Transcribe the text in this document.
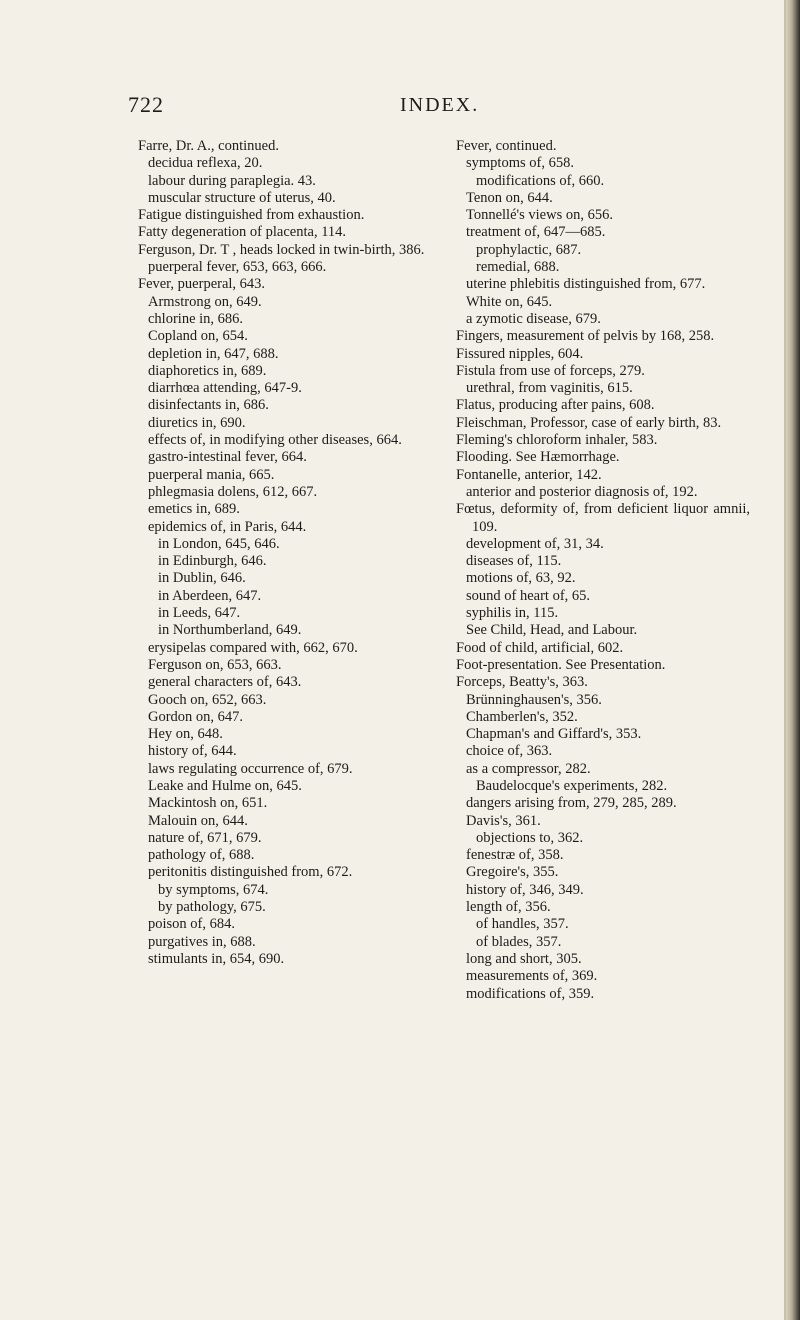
722	INDEX.

Farre, Dr. A., continued.

decidua reflexa, 20.

labour during paraplegia. 43.

muscular structure of uterus, 40.

Fatigue distinguished from exhaustion.

Fatty degeneration of placenta, 114.

Ferguson, Dr. T , heads locked in twin-birth, 386.

puerperal fever, 653, 663, 666.

Fever, puerperal, 643.

Armstrong on, 649.

chlorine in, 686.

Copland on, 654.

depletion in, 647, 688.

diaphoretics in, 689.

diarrhœa attending, 647-9.

disinfectants in, 686.

diuretics in, 690.

effects of, in modifying other diseases, 664.

gastro-intestinal fever, 664.

puerperal mania, 665.

phlegmasia dolens, 612, 667.

emetics in, 689.

epidemics of, in Paris, 644.

in London, 645, 646.

in Edinburgh, 646.

in Dublin, 646.

in Aberdeen, 647.

in Leeds, 647.

in Northumberland, 649.

erysipelas compared with, 662, 670.

Ferguson on, 653, 663.

general characters of, 643.

Gooch on, 652, 663.

Gordon on, 647.

Hey on, 648.

history of, 644.

laws regulating occurrence of, 679.

Leake and Hulme on, 645.

Mackintosh on, 651.

Malouin on, 644.

nature of, 671, 679.

pathology of, 688.

peritonitis distinguished from, 672.

by symptoms, 674.

by pathology, 675.

poison of, 684.

purgatives in, 688.

stimulants in, 654, 690.

Fever, continued.

symptoms of, 658.

modifications of, 660.

Tenon on, 644.

Tonnellé's views on, 656.

treatment of, 647—685.

prophylactic, 687.

remedial, 688.

uterine phlebitis distinguished from, 677.

White on, 645.

a zymotic disease, 679.

Fingers, measurement of pelvis by 168, 258.

Fissured nipples, 604.

Fistula from use of forceps, 279.

urethral, from vaginitis, 615.

Flatus, producing after pains, 608.

Fleischman, Professor, case of early birth, 83.

Fleming's chloroform inhaler, 583.

Flooding. See Hæmorrhage.

Fontanelle, anterior, 142.

anterior and posterior diagnosis of, 192.

Fœtus, deformity of, from deficient liquor amnii, 109.

development of, 31, 34.

diseases of, 115.

motions of, 63, 92.

sound of heart of, 65.

syphilis in, 115.

See Child, Head, and Labour.

Food of child, artificial, 602.

Foot-presentation. See Presentation.

Forceps, Beatty's, 363.

Brünninghausen's, 356.

Chamberlen's, 352.

Chapman's and Giffard's, 353.

choice of, 363.

as a compressor, 282.

Baudelocque's experiments, 282.

dangers arising from, 279, 285, 289.

Davis's, 361.

objections to, 362.

fenestræ of, 358.

Gregoire's, 355.

history of, 346, 349.

length of, 356.

of handles, 357.

of blades, 357.

long and short, 305.

measurements of, 369.

modifications of, 359.
